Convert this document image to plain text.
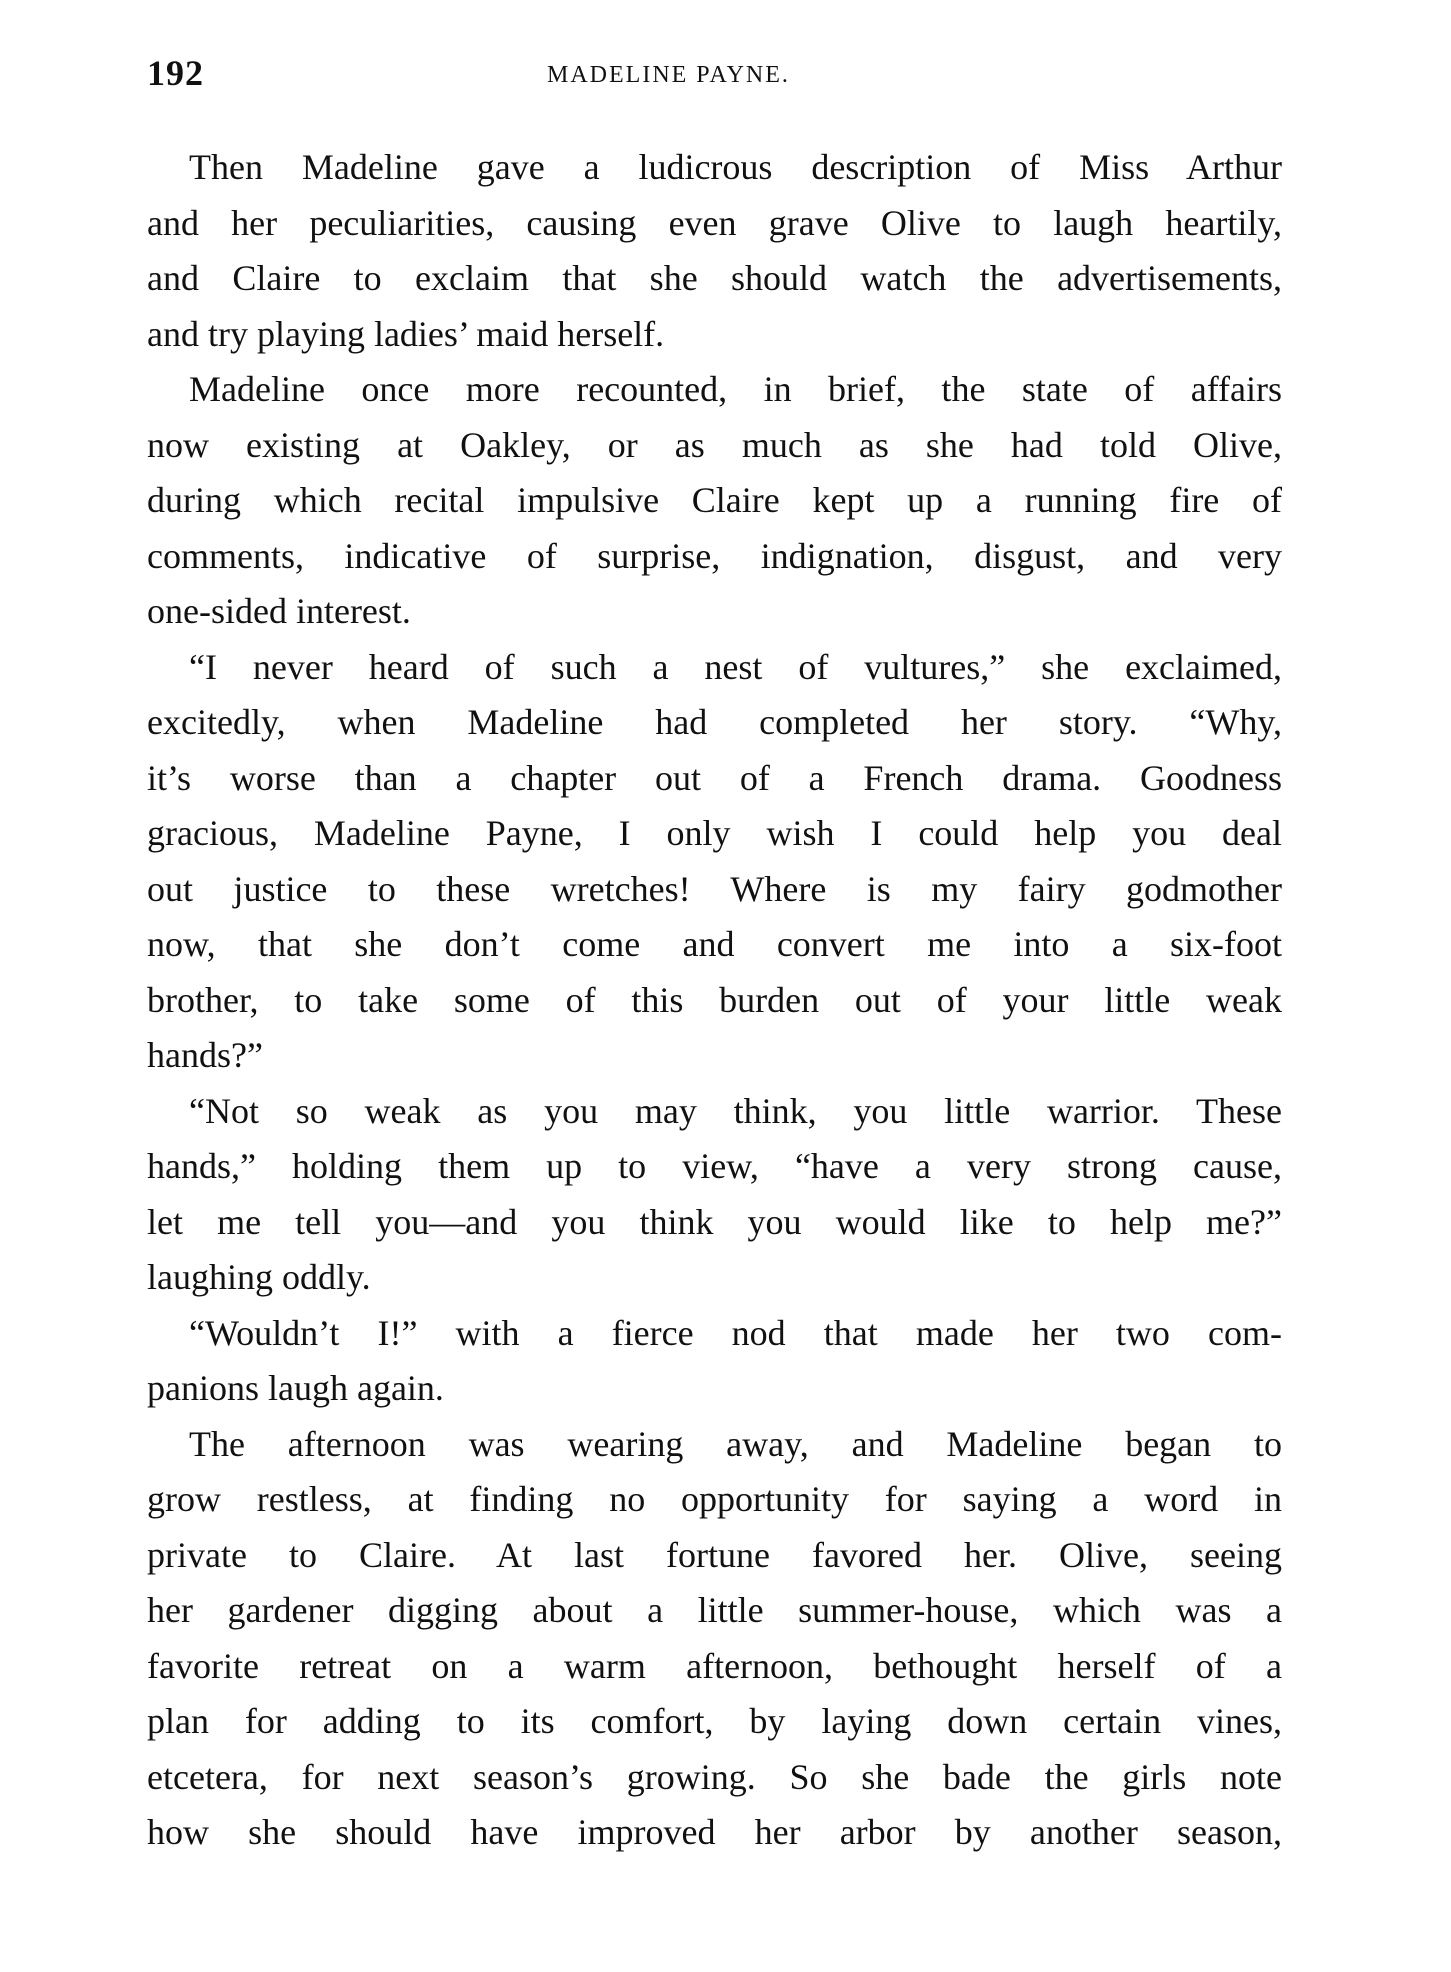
192	MADELINE PAYNE.
Then Madeline gave a ludicrous description of Miss Arthur
and her peculiarities, causing even grave Olive to laugh heartily,
and Claire to exclaim that she should watch the advertisements,
and try playing ladies’ maid herself.
Madeline once more recounted, in brief, the state of affairs
now existing at Oakley, or as much as she had told Olive,
during which recital impulsive Claire kept up a running fire of
comments, indicative of surprise, indignation, disgust, and very
one-sided interest.
“I never heard of such a nest of vultures,” she exclaimed,
excitedly, when Madeline had completed her story. “Why,
it’s worse than a chapter out of a French drama. Goodness
gracious, Madeline Payne, I only wish I could help you deal
out justice to these wretches! Where is my fairy godmother
now, that she don’t come and convert me into a six-foot
brother, to take some of this burden out of your little weak
hands?”
“Not so weak as you may think, you little warrior. These
hands,” holding them up to view, “have a very strong cause,
let me tell you—and you think you would like to help me?”
laughing oddly.
“Wouldn’t I!” with a fierce nod that made her two com-
panions laugh again.
The afternoon was wearing away, and Madeline began to
grow restless, at finding no opportunity for saying a word in
private to Claire. At last fortune favored her. Olive, seeing
her gardener digging about a little summer-house, which was a
favorite retreat on a warm afternoon, bethought herself of a
plan for adding to its comfort, by laying down certain vines,
etcetera, for next season’s growing. So she bade the girls note
how she should have improved her arbor by another season,
